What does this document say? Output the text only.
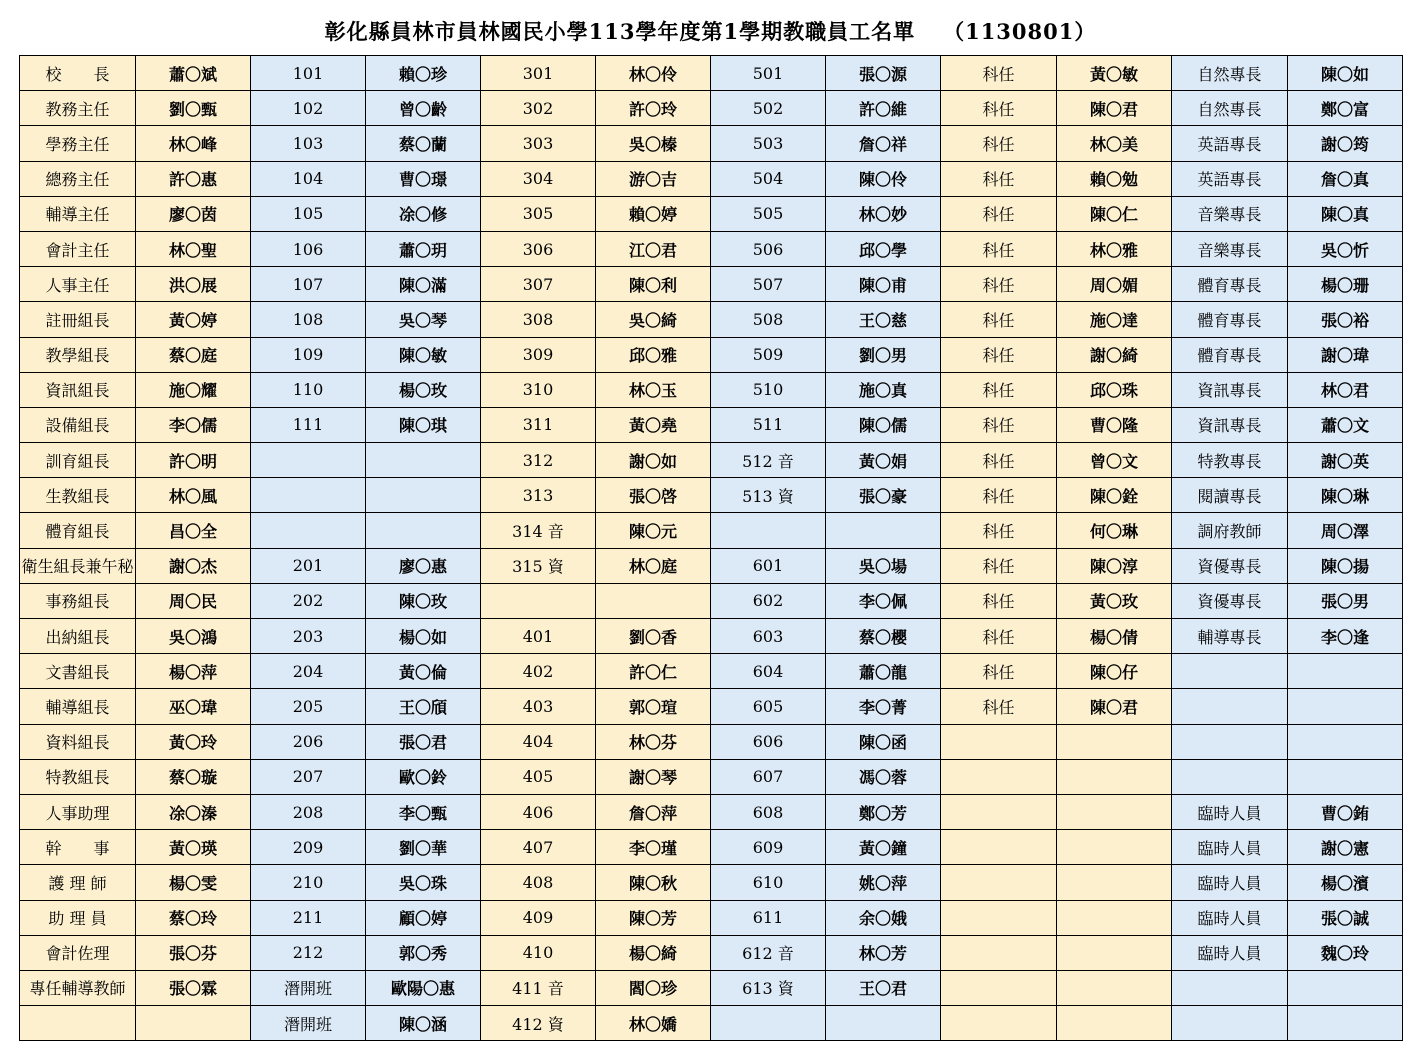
彰化縣員林市員林國民小學113學年度第1學期教職員工名單 （1130801）
校　　長	蕭〇斌	101	賴〇珍	301	林〇伶	501	張〇源	科任	黃〇敏	自然專長	陳〇如
教務主任	劉〇甄	102	曾〇齡	302	許〇玲	502	許〇維	科任	陳〇君	自然專長	鄭〇富
學務主任	林〇峰	103	蔡〇蘭	303	吳〇榛	503	詹〇祥	科任	林〇美	英語專長	謝〇筠
總務主任	許〇惠	104	曹〇璟	304	游〇吉	504	陳〇伶	科任	賴〇勉	英語專長	詹〇真
輔導主任	廖〇茵	105	凃〇修	305	賴〇婷	505	林〇妙	科任	陳〇仁	音樂專長	陳〇真
會計主任	林〇聖	106	蕭〇玥	306	江〇君	506	邱〇學	科任	林〇雅	音樂專長	吳〇忻
人事主任	洪〇展	107	陳〇滿	307	陳〇利	507	陳〇甫	科任	周〇媚	體育專長	楊〇珊
註冊組長	黃〇婷	108	吳〇琴	308	吳〇綺	508	王〇慈	科任	施〇達	體育專長	張〇裕
教學組長	蔡〇庭	109	陳〇敏	309	邱〇雅	509	劉〇男	科任	謝〇綺	體育專長	謝〇瑋
資訊組長	施〇耀	110	楊〇玫	310	林〇玉	510	施〇真	科任	邱〇珠	資訊專長	林〇君
設備組長	李〇儒	111	陳〇琪	311	黃〇堯	511	陳〇儒	科任	曹〇隆	資訊專長	蕭〇文
訓育組長	許〇明			312	謝〇如	512 音	黃〇娟	科任	曾〇文	特教專長	謝〇英
生教組長	林〇風			313	張〇啓	513 資	張〇豪	科任	陳〇銓	閱讀專長	陳〇琳
體育組長	昌〇全			314 音	陳〇元			科任	何〇琳	調府教師	周〇澤
衛生組長兼午秘	謝〇杰	201	廖〇惠	315 資	林〇庭	601	吳〇場	科任	陳〇淳	資優專長	陳〇揚
事務組長	周〇民	202	陳〇玫			602	李〇佩	科任	黃〇玫	資優專長	張〇男
出納組長	吳〇鴻	203	楊〇如	401	劉〇香	603	蔡〇櫻	科任	楊〇倩	輔導專長	李〇逢
文書組長	楊〇萍	204	黃〇倫	402	許〇仁	604	蕭〇龍	科任	陳〇仔		
輔導組長	巫〇瑋	205	王〇頎	403	郭〇瑄	605	李〇菁	科任	陳〇君		
資料組長	黃〇玲	206	張〇君	404	林〇芬	606	陳〇函				
特教組長	蔡〇璇	207	歐〇鈴	405	謝〇琴	607	馮〇蓉				
人事助理	凃〇溱	208	李〇甄	406	詹〇萍	608	鄭〇芳			臨時人員	曹〇銪
幹　　事	黃〇瑛	209	劉〇華	407	李〇瑾	609	黃〇鐘			臨時人員	謝〇憲
護 理 師	楊〇雯	210	吳〇珠	408	陳〇秋	610	姚〇萍			臨時人員	楊〇濱
助 理 員	蔡〇玲	211	顧〇婷	409	陳〇芳	611	余〇娥			臨時人員	張〇誠
會計佐理	張〇芬	212	郭〇秀	410	楊〇綺	612 音	林〇芳			臨時人員	魏〇玲
專任輔導教師	張〇霖	潛開班	歐陽〇惠	411 音	閻〇珍	613 資	王〇君				
		潛開班	陳〇涵	412 資	林〇嬌						
